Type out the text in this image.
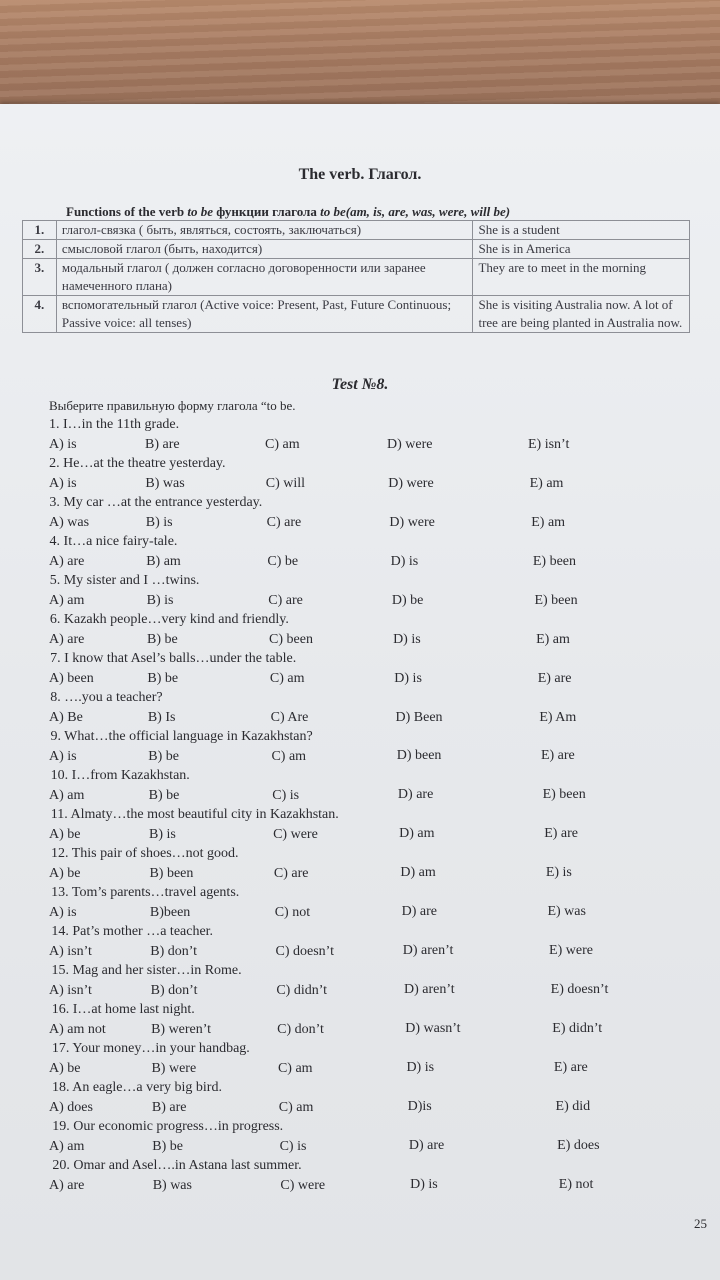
The verb. Глагол.
Functions of the verb to be функции глагола to be(am, is, are, was, were, will be)
1.	глагол-связка ( быть, являться, состоять, заключаться)	She is a student
2.	смысловой глагол (быть, находится)	She is in America
3.	модальный глагол ( должен согласно договоренности или заранее намеченного плана)	They are to meet in the morning
4.	вспомогательный глагол (Active voice: Present, Past, Future Continuous; Passive voice: all tenses)	She is visiting Australia now. A lot of tree are being planted in Australia now.
Test №8.
Выберите правильную форму глагола “to be.
1. I…in the 11th grade.
A) is	B) are	C) am	D) were	E) isn’t
2. He…at the theatre yesterday.
A) is	B) was	C) will	D) were	E) am
3. My car …at the entrance yesterday.
A) was	B) is	C) are	D) were	E) am
4. It…a nice fairy-tale.
A) are	B) am	C) be	D) is	E) been
5. My sister and I …twins.
A) am	B) is	C) are	D) be	E) been
6. Kazakh people…very kind and friendly.
A) are	B) be	C) been	D) is	E) am
7. I know that Asel’s balls…under the table.
A) been	B) be	C) am	D) is	E) are
8. ….you a teacher?
A) Be	B) Is	C) Are	D) Been	E) Am
9. What…the official language in Kazakhstan?
A) is	B) be	C) am	D) been	E) are
10. I…from Kazakhstan.
A) am	B) be	C) is	D) are	E) been
11. Almaty…the most beautiful city in Kazakhstan.
A) be	B) is	C) were	D) am	E) are
12. This pair of shoes…not good.
A) be	B) been	C) are	D) am	E) is
13. Tom’s parents…travel agents.
A) is	B)been	C) not	D) are	E) was
14. Pat’s mother …a teacher.
A) isn’t	B) don’t	C) doesn’t	D) aren’t	E) were
15. Mag and her sister…in Rome.
A) isn’t	B) don’t	C) didn’t	D) aren’t	E) doesn’t
16. I…at home last night.
A) am not	B) weren’t	C) don’t	D) wasn’t	E) didn’t
17. Your money…in your handbag.
A) be	B) were	C) am	D) is	E) are
18. An eagle…a very big bird.
A) does	B) are	C) am	D)is	E) did
19. Our economic progress…in progress.
A) am	B) be	C) is	D) are	E) does
20. Omar and Asel….in Astana last summer.
A) are	B) was	C) were	D) is	E) not
25
